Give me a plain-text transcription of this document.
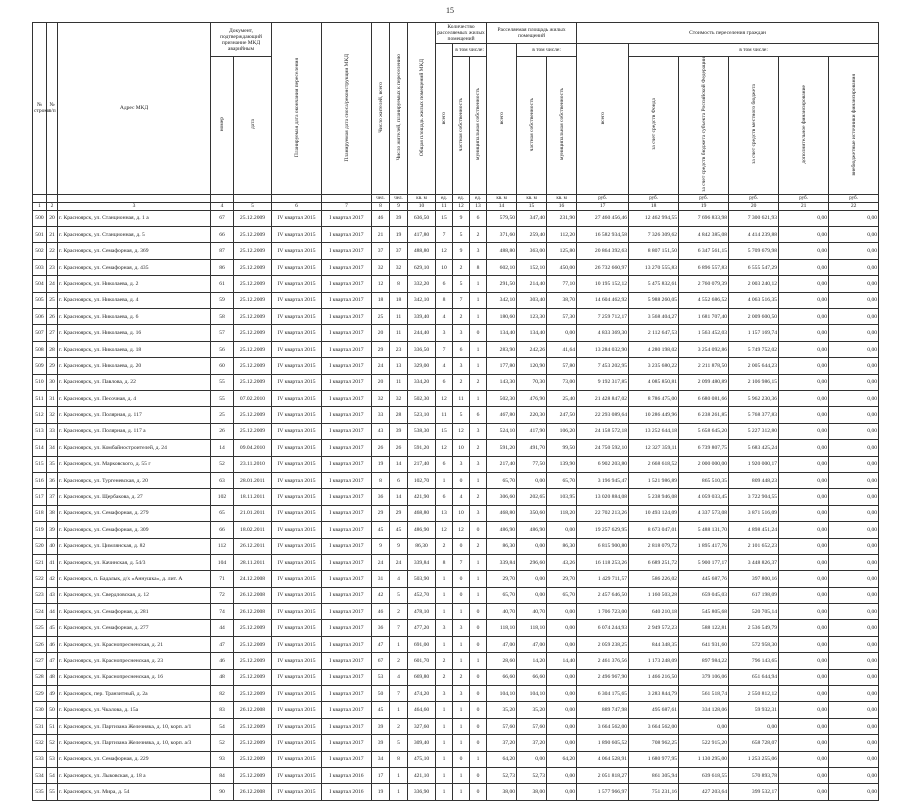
15
№ строки	№ п/п	Адрес МКД	Документ, подтверждающий признание МКД аварийным		Планируемая дата окончания переселения	Планируемая дата сноса/реконструкции МКД	Число жителей, всего	Число жителей, планируемых к переселению	Общая площадь жилых помещений МКД	Количество расселяемых жилых помещений			Расселяемая площадь жилых помещений			Стоимость переселения граждан					
										всего	в том числе:		всего	в том числе:		всего	в том числе:				
			номер	дата							частная собственность	муниципальная собственность		частная собственность	муниципальная собственность		за счет средств Фонда	за счет средств бюджета субъекта Российской Федерации	за счет средств местного бюджета	дополнительное финансирование	внебюджетные источники финансирования
							чел.	чел.	кв. м	ед.	ед.	ед.	кв. м	кв. м	кв. м	руб.	руб.	руб.	руб.	руб.	руб.
1	2	3	4	5	6	7	8	9	10	11	12	13	14	15	16	17	18	19	20	21	22
500	20	г. Красноярск, ул. Станционная, д. 1 а	67	25.12.2009	IV квартал 2015	I квартал 2017	46	39	636,50	15	9	6	579,50	347,40	231,90	27 460 456,46	12 462 994,55	7 696 833,98	7 300 621,93	0,00	0,00
501	21	г. Красноярск, ул. Станционная, д. 5	66	25.12.2009	IV квартал 2015	I квартал 2017	21	19	417,80	7	5	2	371,60	259,40	112,20	16 582 934,58	7 326 309,62	4 842 385,08	4 414 239,88	0,00	0,00
502	22	г. Красноярск, ул. Семафорная, д. 369	87	25.12.2009	IV квартал 2015	I квартал 2017	37	37	488,80	12	9	3	488,80	363,00	125,80	20 864 392,63	8 807 151,50	6 347 561,15	5 709 679,98	0,00	0,00
503	23	г. Красноярск, ул. Семафорная, д. 435	86	25.12.2009	IV квартал 2015	I квартал 2017	32	32	629,10	10	2	8	602,10	152,10	450,00	26 732 660,97	13 270 555,83	6 896 557,83	6 555 547,29	0,00	0,00
504	24	г. Красноярск, ул. Николаева, д. 2	61	25.12.2009	IV квартал 2015	I квартал 2017	12	8	332,20	6	5	1	291,50	214,40	77,10	10 195 152,12	5 475 832,61	2 760 079,39	2 003 240,12	0,00	0,00
505	25	г. Красноярск, ул. Николаева, д. 4	59	25.12.2009	IV квартал 2015	I квартал 2017	18	18	342,10	8	7	1	342,10	303,40	38,70	14 604 462,92	5 988 260,05	4 552 686,52	4 063 516,35	0,00	0,00
506	26	г. Красноярск, ул. Николаева, д. 6	58	25.12.2009	IV квартал 2015	I квартал 2017	25	11	339,40	4	2	1	180,60	123,30	57,30	7 259 712,17	3 568 404,27	1 681 707,40	2 009 600,50	0,00	0,00
507	27	г. Красноярск, ул. Николаева, д. 16	57	25.12.2009	IV квартал 2015	I квартал 2017	20	11	244,40	3	3	0	134,40	134,40	0,00	4 833 369,30	2 112 647,53	1 563 452,03	1 157 169,74	0,00	0,00
508	28	г. Красноярск, ул. Николаева, д. 18	56	25.12.2009	IV квартал 2015	I квартал 2017	29	23	336,50	7	6	1	283,90	242,26	41,64	13 284 032,90	4 280 198,02	3 254 092,86	5 749 752,02	0,00	0,00
509	29	г. Красноярск, ул. Николаева, д. 20	60	25.12.2009	IV квартал 2015	I квартал 2017	24	13	329,00	4	3	1	177,80	120,90	57,80	7 453 202,95	3 235 680,22	2 211 878,50	2 005 644,23	0,00	0,00
510	30	г. Красноярск, ул. Павлова, д. 22	55	25.12.2009	IV квартал 2015	I квартал 2017	20	11	334,20	6	2	2	143,30	70,30	73,00	9 192 317,85	4 085 850,81	2 099 480,89	2 106 986,15	0,00	0,00
511	31	г. Красноярск, ул. Песочная, д. 4	55	07.02.2010	IV квартал 2015	I квартал 2017	32	32	502,30	12	11	1	502,30	476,90	25,40	21 428 847,02	8 786 475,00	6 680 081,66	5 962 230,36	0,00	0,00
512	32	г. Красноярск, ул. Полярная, д. 117	25	25.12.2009	IV квартал 2015	I квартал 2017	33	28	523,10	11	5	6	467,80	220,30	247,50	22 293 089,64	10 286 449,96	6 238 261,85	5 768 377,83	0,00	0,00
513	33	г. Красноярск, ул. Полярная, д. 117 а	26	25.12.2009	IV квартал 2015	I квартал 2017	43	39	538,30	15	12	3	524,10	417,90	106,20	24 158 572,18	13 252 644,18	5 658 645,20	5 227 312,80	0,00	0,00
514	34	г. Красноярск, ул. Комбайностроителей, д. 24	14	09.04.2010	IV квартал 2015	I квартал 2017	26	26	591,20	12	10	2	591,20	491,70	99,50	24 750 592,10	12 327 359,11	6 739 807,75	5 683 425,24	0,00	0,00
515	35	г. Красноярск, ул. Марковского, д. 55 г	52	23.11.2010	IV квартал 2015	I квартал 2017	19	14	217,40	6	3	3	217,40	77,50	139,90	6 902 203,80	2 668 618,52	2 000 000,00	1 920 000,17	0,00	0,00
516	36	г. Красноярск, ул. Тургеневская, д. 20	63	28.01.2011	IV квартал 2015	I квартал 2017	8	6	102,70	1	0	1	65,70	0,00	65,70	3 196 945,47	1 521 986,89	865 510,35	809 448,23	0,00	0,00
517	37	г. Красноярск, ул. Щербакова, д. 27	102	18.11.2011	IV квартал 2015	I квартал 2017	36	14	421,90	6	4	2	306,60	202,65	103,95	13 020 884,08	5 238 946,08	4 059 033,45	3 722 904,55	0,00	0,00
518	38	г. Красноярск, ул. Семафорная, д. 279	65	21.01.2011	IV квартал 2015	I квартал 2017	29	29	468,80	13	10	3	468,80	350,60	118,20	22 702 213,26	10 493 124,09	4 337 573,08	3 871 516,09	0,00	0,00
519	39	г. Красноярск, ул. Семафорная, д. 309	66	18.02.2011	IV квартал 2015	I квартал 2017	45	45	486,90	12	12	0	486,90	486,90	0,00	19 257 629,95	8 673 047,01	5 488 131,70	4 898 451,24	0,00	0,00
520	40	г. Красноярск, ул. Цимлянская, д. 82	112	26.12.2011	IV квартал 2015	I квартал 2017	9	9	86,30	2	0	2	86,30	0,00	86,30	6 815 900,80	2 818 079,72	1 895 417,76	2 101 652,23	0,00	0,00
521	41	г. Красноярск, ул. Качинская, д. 54/3	104	28.11.2011	IV квартал 2015	I квартал 2017	24	24	339,84	8	7	1	339,84	296,60	43,26	16 118 253,26	6 689 251,72	5 900 177,17	3 448 826,37	0,00	0,00
522	42	г. Красноярск, п. Бадалык, д/х «Аннушка», д. лит. А	71	24.12.2008	IV квартал 2015	I квартал 2017	31	4	503,90	1	0	1	29,70	0,00	29,70	1 429 711,57	586 226,02	445 687,76	397 800,16	0,00	0,00
523	43	г. Красноярск, ул. Свердловская, д. 12	72	26.12.2008	IV квартал 2015	I квартал 2017	42	5	452,70	1	0	1	65,70	0,00	65,70	2 457 646,50	1 160 503,28	659 045,03	617 198,09	0,00	0,00
524	44	г. Красноярск, ул. Семафорная, д. 281	74	26.12.2008	IV квартал 2015	I квартал 2017	46	2	478,10	1	1	0	40,70	40,70	0,00	1 706 723,00	640 210,18	545 805,68	520 705,14	0,00	0,00
525	45	г. Красноярск, ул. Семафорная, д. 277	44	25.12.2009	IV квартал 2015	I квартал 2017	36	7	477,20	3	3	0	118,10	118,10	0,00	6 074 244,93	2 949 572,23	588 122,81	2 536 549,79	0,00	0,00
526	46	г. Красноярск, ул. Краснопресненская, д. 21	47	25.12.2009	IV квартал 2015	I квартал 2017	47	1	691,00	1	1	0	47,00	47,00	0,00	2 059 238,25	844 348,35	641 931,60	572 958,30	0,00	0,00
527	47	г. Красноярск, ул. Краснопресненская, д. 23	46	25.12.2009	IV квартал 2015	I квартал 2017	67	2	601,70	2	1	1	28,60	14,20	14,40	2 461 376,56	1 173 248,09	897 984,22	796 143,65	0,00	0,00
528	48	г. Красноярск, ул. Краснопресненская, д. 16	48	25.12.2009	IV квартал 2015	I квартал 2017	53	4	669,80	2	2	0	66,60	66,60	0,00	2 496 967,90	1 466 216,50	379 106,06	651 644,94	0,00	0,00
529	49	г. Красноярск, пер. Транзитный, д. 2а	82	25.12.2009	IV квартал 2015	I квартал 2017	50	7	474,20	3	3	0	104,10	104,10	0,00	6 304 175,65	3 283 844,79	561 518,74	2 550 812,12	0,00	0,00
530	50	г. Красноярск, ул. Чкалова, д. 15а	83	26.12.2008	IV квартал 2015	I квартал 2017	45	1	464,60	1	1	0	35,20	35,20	0,00	889 747,98	495 687,61	334 128,06	59 932,31	0,00	0,00
531	51	г. Красноярск, ул. Партизана Железняка, д. 10, корп. а/1	54	25.12.2009	IV квартал 2015	I квартал 2017	39	2	327,60	1	1	0	57,60	57,60	0,00	3 664 562,00	3 664 562,00	0,00	0,00	0,00	0,00
532	52	г. Красноярск, ул. Партизана Железняка, д. 10, корп. а/3	52	25.12.2009	IV квартал 2015	I квартал 2017	39	5	309,40	1	1	0	37,20	37,20	0,00	1 890 605,52	708 962,25	522 915,20	658 728,07	0,00	0,00
533	53	г. Красноярск, ул. Семафорная, д. 229	93	25.12.2009	IV квартал 2015	I квартал 2017	34	8	475,10	1	0	1	64,20	0,00	64,20	4 064 528,91	1 680 977,95	1 130 295,00	1 253 255,06	0,00	0,00
534	54	г. Красноярск, ул. Лыковская, д. 18 а	84	25.12.2009	IV квартал 2015	I квартал 2016	17	1	421,10	1	1	0	52,73	52,73	0,00	2 051 818,27	861 305,94	639 618,55	570 893,78	0,00	0,00
535	55	г. Красноярск, ул. Мира, д. 54	90	26.12.2008	IV квартал 2015	I квартал 2016	19	1	336,90	1	1	0	38,00	38,00	0,00	1 577 966,97	751 231,16	427 203,64	399 532,17	0,00	0,00
